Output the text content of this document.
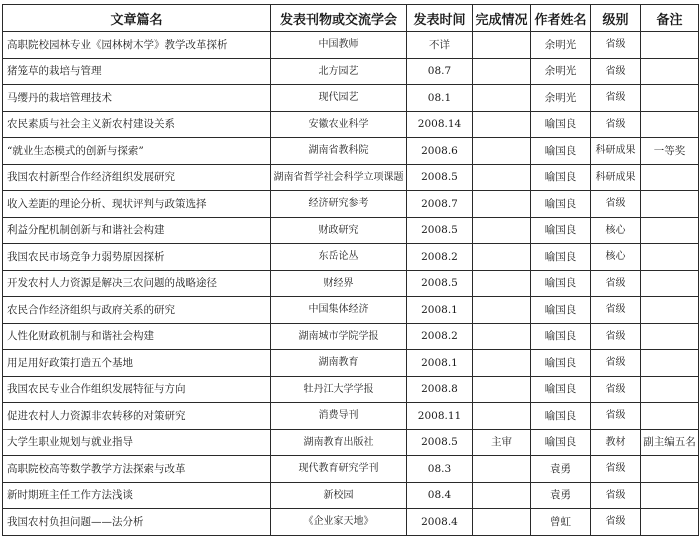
文章篇名	发表刊物或交流学会	发表时间	完成情况	作者姓名	级别	备注
高职院校园林专业《园林树木学》教学改革探析	中国教师	不详		余明光	省级	
猪笼草的栽培与管理	北方园艺	08.7		余明光	省级	
马缨丹的栽培管理技术	现代园艺	08.1		余明光	省级	
农民素质与社会主义新农村建设关系	安徽农业科学	2008.14		喻国良	省级	
“就业生态模式的创新与探索”	湖南省教科院	2008.6		喻国良	科研成果	一等奖
我国农村新型合作经济组织发展研究	湖南省哲学社会科学立项课题	2008.5		喻国良	科研成果	
收入差距的理论分析、现状评判与政策选择	经济研究参考	2008.7		喻国良	省级	
利益分配机制创新与和谐社会构建	财政研究	2008.5		喻国良	核心	
我国农民市场竞争力弱势原因探析	东岳论丛	2008.2		喻国良	核心	
开发农村人力资源是解决三农问题的战略途径	财经界	2008.5		喻国良	省级	
农民合作经济组织与政府关系的研究	中国集体经济	2008.1		喻国良	省级	
人性化财政机制与和谐社会构建	湖南城市学院学报	2008.2		喻国良	省级	
用足用好政策打造五个基地	湖南教育	2008.1		喻国良	省级	
我国农民专业合作组织发展特征与方向	牡丹江大学学报	2008.8		喻国良	省级	
促进农村人力资源非农转移的对策研究	消费导刊	2008.11		喻国良	省级	
大学生职业规划与就业指导	湖南教育出版社	2008.5	主审	喻国良	教材	副主编五名
高职院校高等数学教学方法探索与改革	现代教育研究学刊	08.3		袁勇	省级	
新时期班主任工作方法浅谈	新校园	08.4		袁勇	省级	
我国农村负担问题——法分析	《企业家天地》	2008.4		曾虹	省级	
